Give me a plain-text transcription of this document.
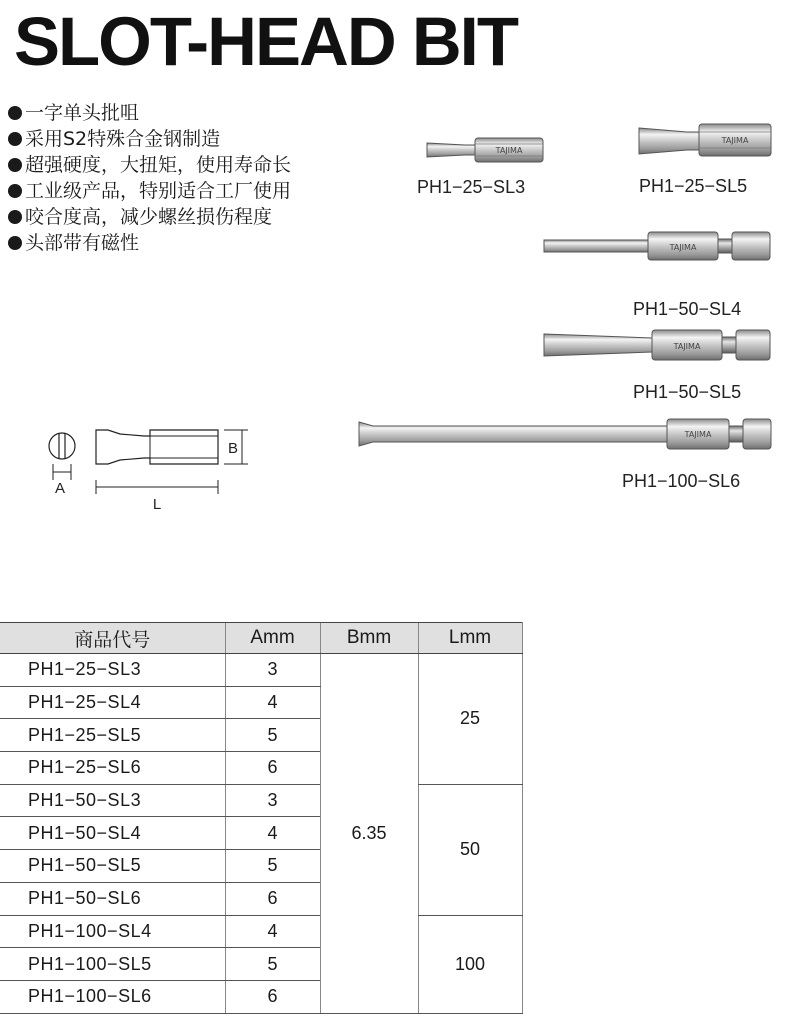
SLOT-HEAD BIT
一字单头批咀
采用S2特殊合金钢制造
超强硬度，大扭矩，使用寿命长
工业级产品，特别适合工厂使用
咬合度高，减少螺丝损伤程度
头部带有磁性
TAJIMA
PH1−25−SL3
TAJIMA
PH1−25−SL5
TAJIMA
PH1−50−SL4
TAJIMA
PH1−50−SL5
TAJIMA
PH1−100−SL6
A
B
L
商品代号	Amm	Bmm	Lmm
PH1−25−SL3	3	6.35	25
PH1−25−SL4	4		
PH1−25−SL5	5		
PH1−25−SL6	6		
PH1−50−SL3	3		50
PH1−50−SL4	4		
PH1−50−SL5	5		
PH1−50−SL6	6		
PH1−100−SL4	4		100
PH1−100−SL5	5		
PH1−100−SL6	6		
